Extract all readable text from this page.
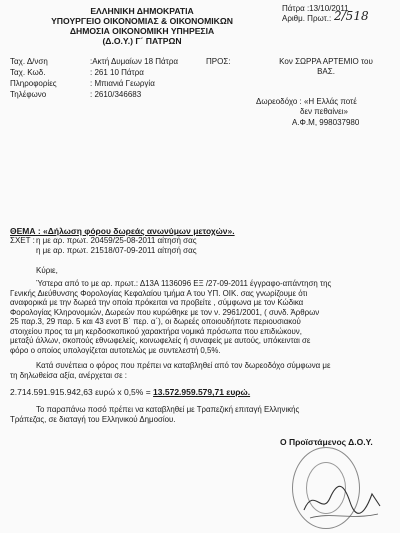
ΕΛΛΗΝΙΚΗ ΔΗΜΟΚΡΑΤΙΑ
ΥΠΟΥΡΓΕΙΟ ΟΙΚΟΝΟΜΙΑΣ & ΟΙΚΟΝΟΜΙΚΩΝ
ΔΗΜΟΣΙΑ ΟΙΚΟΝΟΜΙΚΗ ΥΠΗΡΕΣΙΑ
(Δ.Ο.Υ.) Γ΄ ΠΑΤΡΩΝ
Πάτρα :13/10/2011
Αριθμ. Πρωτ.: 2/518
Ταχ. Δ/νση	:Ακτή Δυμαίων 18 Πάτρα
Ταχ. Κωδ.	: 261 10 Πάτρα
Πληροφορίες	: Μπιανιά Γεωργία
Τηλέφωνο	: 2610/346683
ΠΡΟΣ:	Κον ΣΩΡΡΑ ΑΡΤΕΜΙΟ του
ΒΑΣ.
Δωρεοδόχο : «Η Ελλάς ποτέ
δεν πεθαίνει»
Α.Φ.Μ, 998037980
ΘΕΜΑ : «Δήλωση φόρου δωρεάς ανωνύμων μετοχών».
ΣΧΕΤ : η με αρ. πρωτ. 20459/25-08-2011 αίτησή σας
η με αρ. πρωτ. 21518/07-09-2011 αίτησή σας
Κύριε,
Ύστερα από το με αρ. πρωτ.: Δ13Α 1136096 ΕΞ /27-09-2011 έγγραφο-απάντηση της
Γενικής Διεύθυνσης Φορολογίας Κεφαλαίου τμήμα Α του ΥΠ. ΟΙΚ. σας γνωρίζουμε ότι
αναφορικά με την δωρεά την οποία πρόκειται να προβείτε , σύμφωνα με τον Κώδικα
Φορολογίας Κληρονομιών, Δωρεών που κυρώθηκε με τον ν. 2961/2001, ( συνδ. Άρθρων
25 παρ.3, 29 παρ. 5 και 43 ενοτ Β΄ περ. α΄), οι δωρεές οποιουδήποτε περιουσιακού
στοιχείου προς τα μη κερδοσκοπικού χαρακτήρα νομικά πρόσωπα που επιδιώκουν,
μεταξύ άλλων, σκοπούς εθνωφελείς, κοινωφελείς ή συναφείς με αυτούς, υπόκεινται σε
φόρο ο οποίος υπολογίζεται αυτοτελώς με συντελεστή 0,5%.
Κατά συνέπεια ο φόρος που πρέπει να καταβληθεί από τον δωρεοδόχο σύμφωνα με
τη δηλωθείσα αξία, ανέρχεται σε :
2.714.591.915.942,63 ευρώ x 0,5% = 13.572.959.579,71 ευρώ.
Το παραπάνω ποσό πρέπει να καταβληθεί με Τραπεζική επιταγή Ελληνικής
Τράπεζας, σε διαταγή του Ελληνικού Δημοσίου.
Ο Προϊστάμενος Δ.Ο.Υ.
